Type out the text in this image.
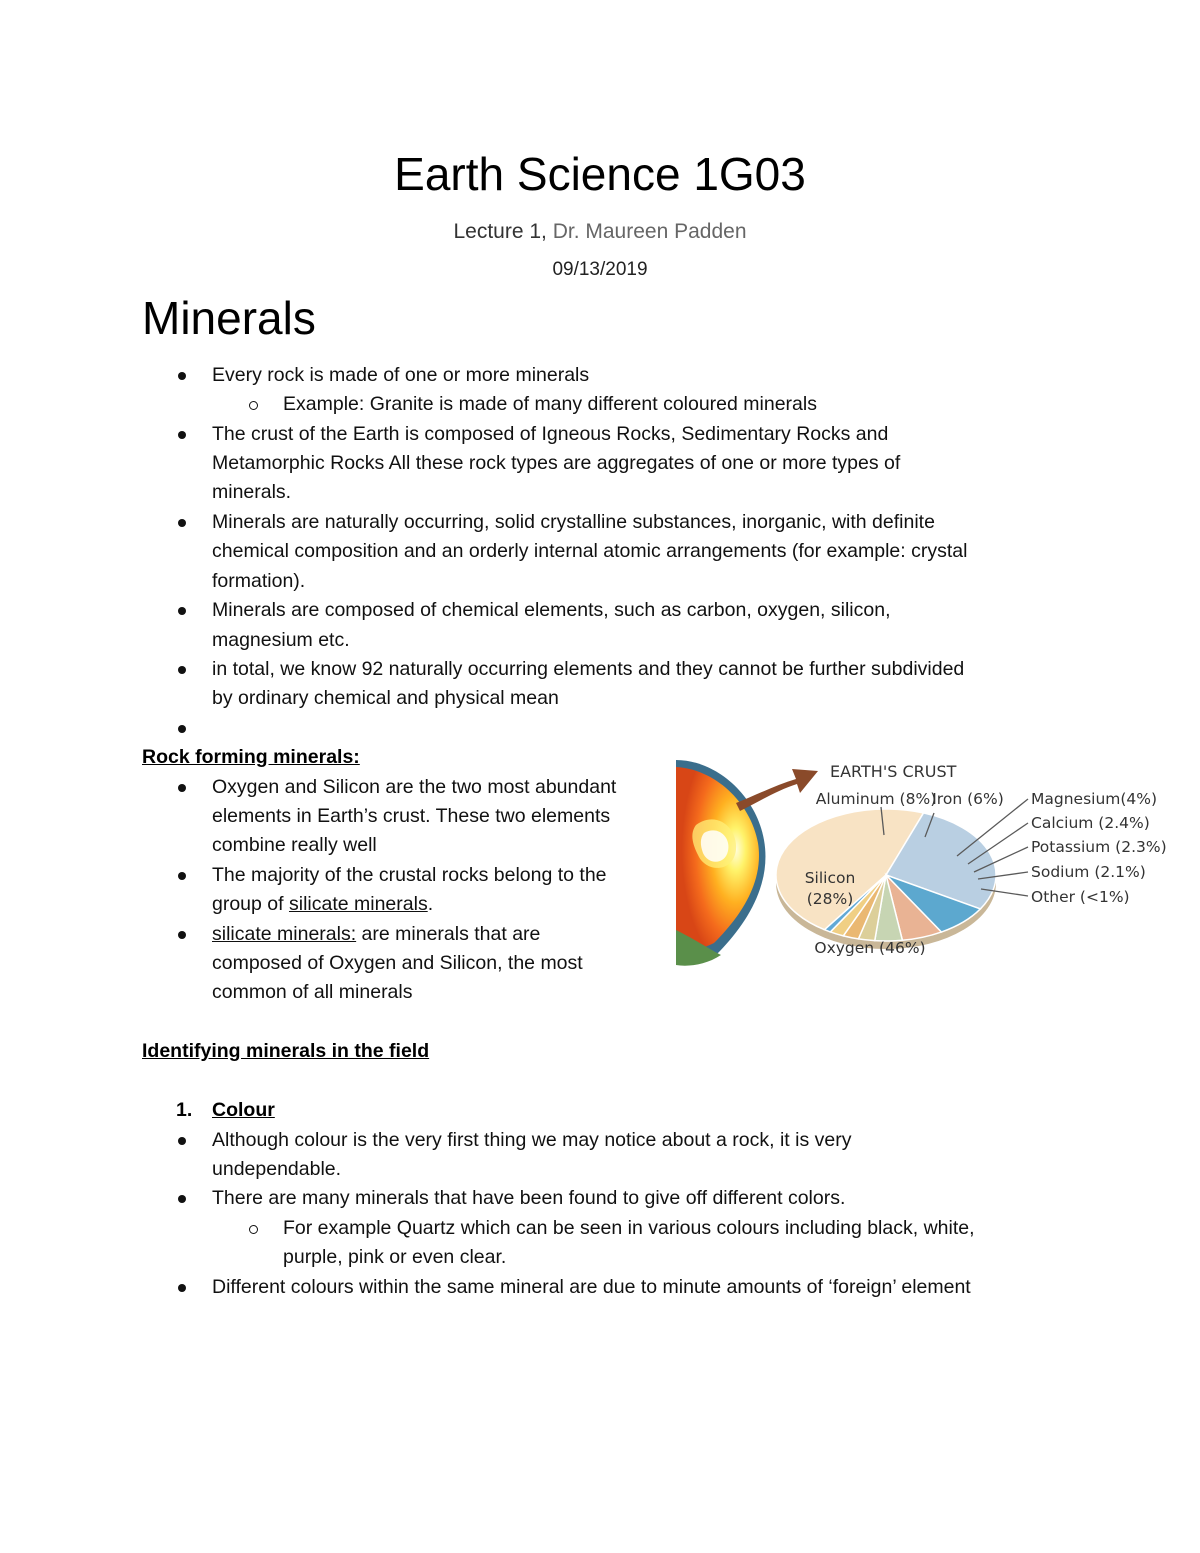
Earth Science 1G03
Lecture 1, Dr. Maureen Padden
09/13/2019
Minerals
Every rock is made of one or more minerals
Example: Granite is made of many different coloured minerals
The crust of the Earth is composed of Igneous Rocks, Sedimentary Rocks and
Metamorphic Rocks All these rock types are aggregates of one or more types of
minerals.
Minerals are naturally occurring, solid crystalline substances, inorganic, with definite
chemical composition and an orderly internal atomic arrangements (for example: crystal
formation).
Minerals are composed of chemical elements, such as carbon, oxygen, silicon,
magnesium etc.
in total, we know 92 naturally occurring elements and they cannot be further subdivided
by ordinary chemical and physical mean
Rock forming minerals:
Oxygen and Silicon are the two most abundant
elements in Earth’s crust. These two elements
combine really well
The majority of the crustal rocks belong to the
group of silicate minerals.
silicate minerals: are minerals that are
composed of Oxygen and Silicon, the most
common of all minerals
Oxygen (46%)
Silicon
(28%)
Aluminum (8%)
Iron (6%) Magnesium(4%)
Calcium (2.4%)
Potassium (2.3%)
Sodium (2.1%)
Other (<1%)
EARTH'S CRUST
Identifying minerals in the field
1. Colour
Although colour is the very first thing we may notice about a rock, it is very
undependable.
There are many minerals that have been found to give off different colors.
For example Quartz which can be seen in various colours including black, white,
purple, pink or even clear.
Different colours within the same mineral are due to minute amounts of ‘foreign’ element
